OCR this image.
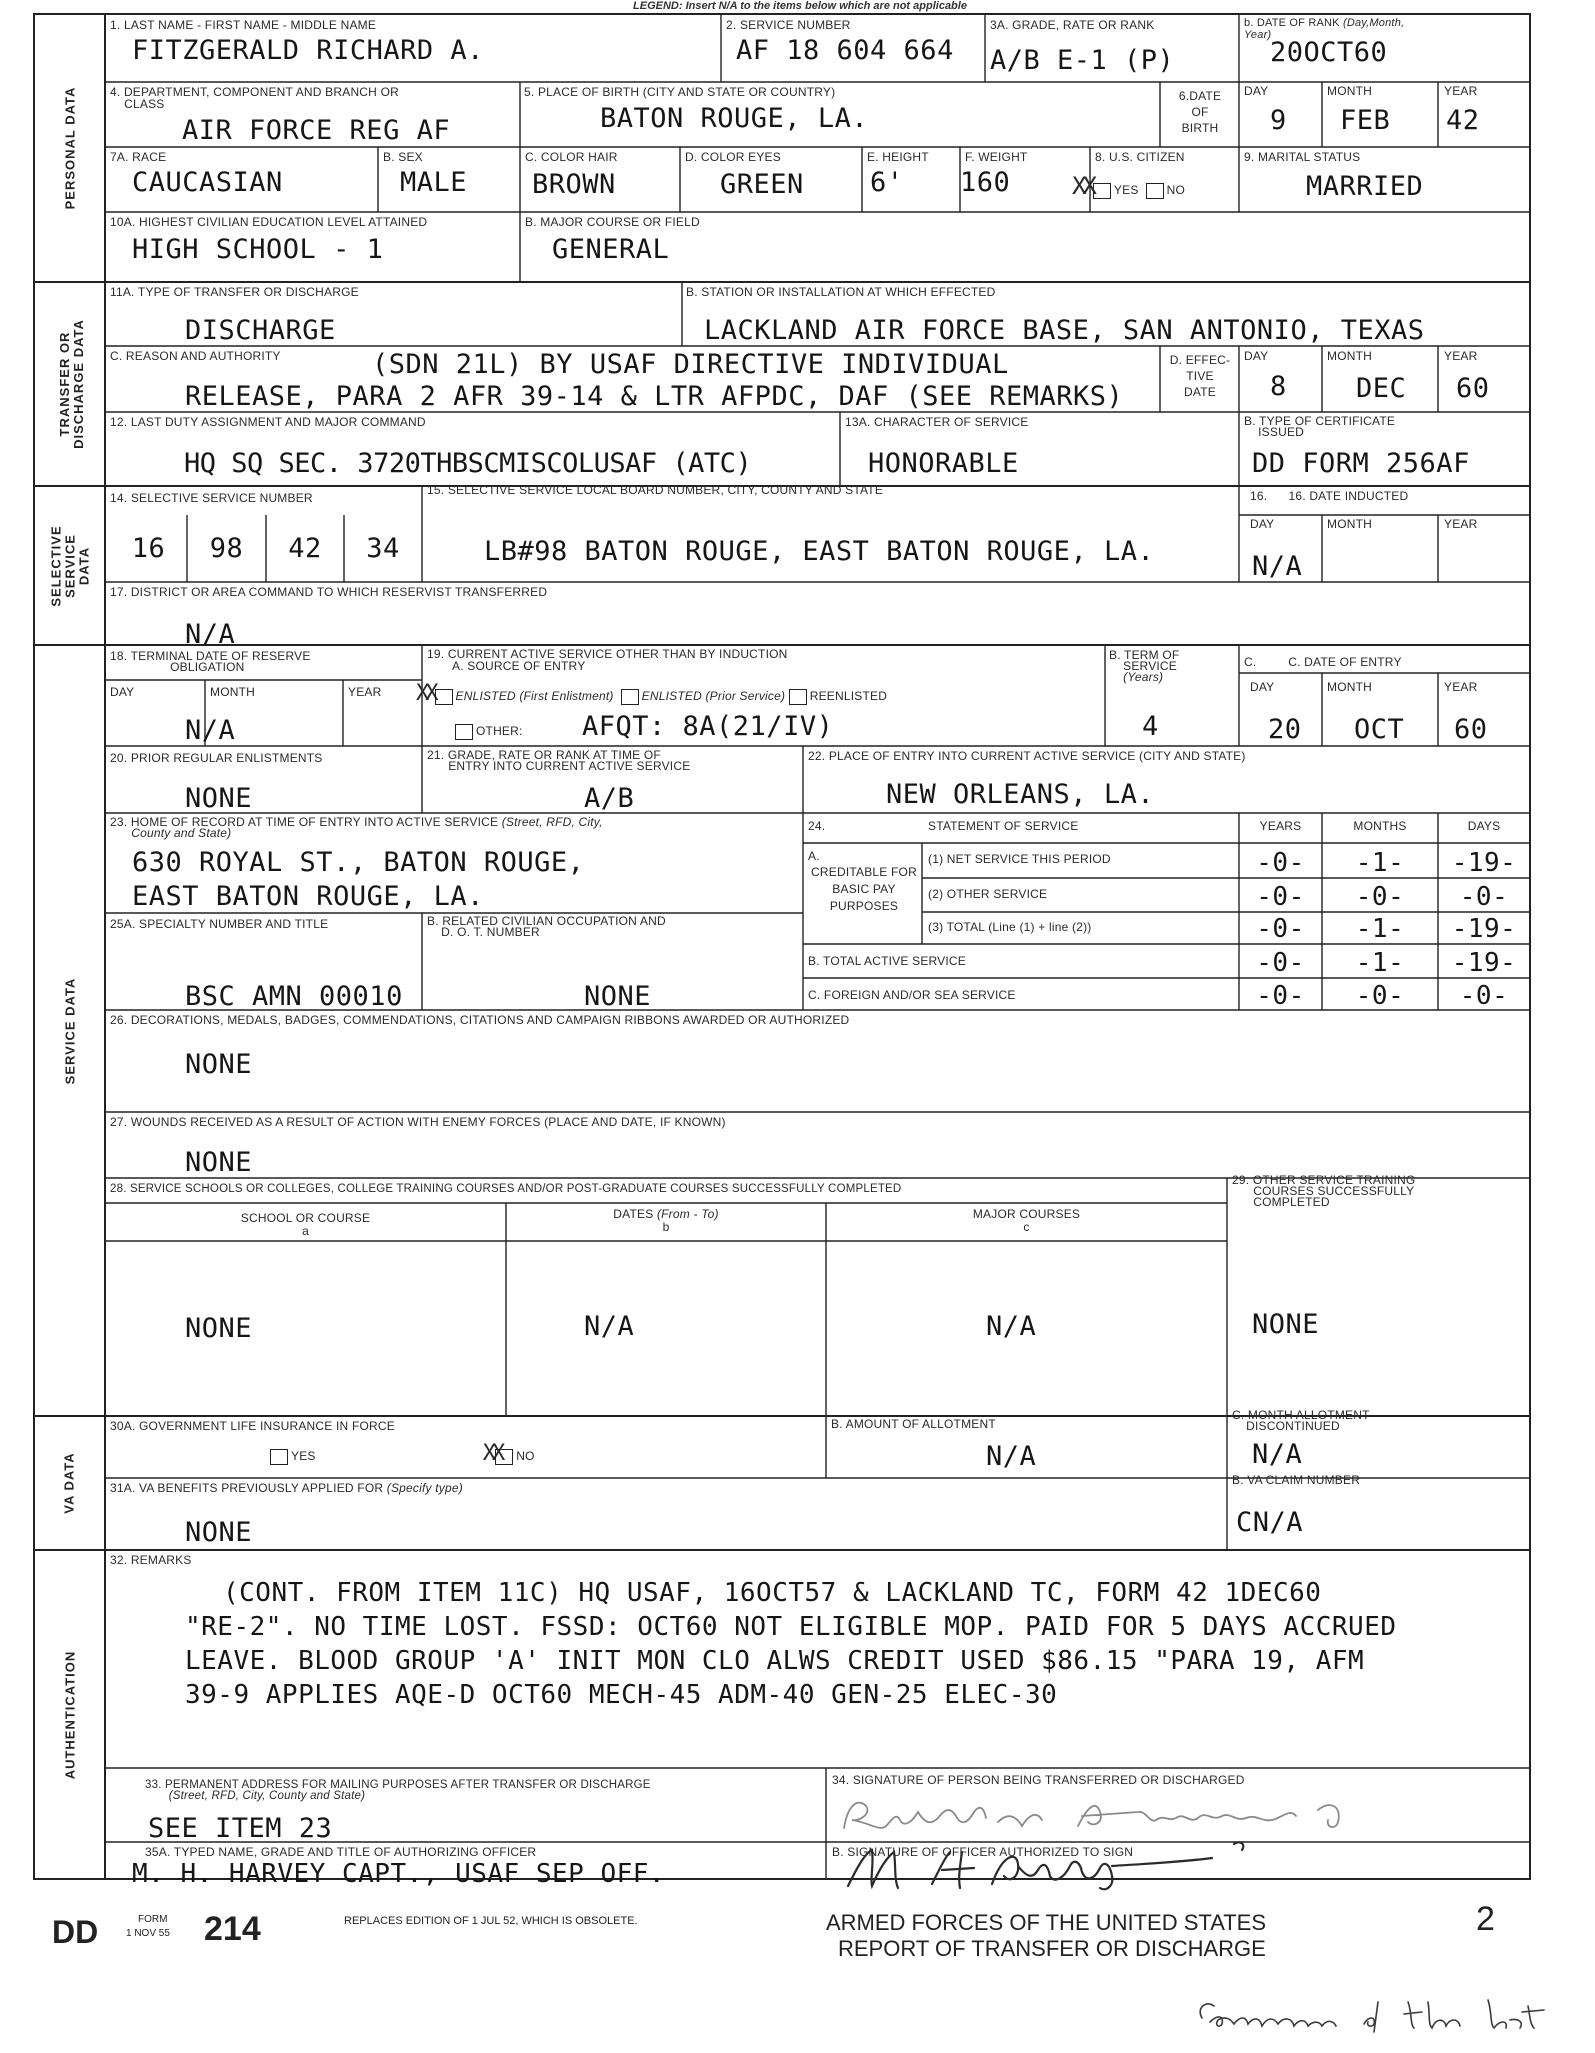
LEGEND: Insert N/A to the items below which are not applicable
PERSONAL DATA
TRANSFER OR
DISCHARGE DATA
SELECTIVE
SERVICE
DATA
SERVICE DATA
VA DATA
AUTHENTICATION
1. LAST NAME - FIRST NAME - MIDDLE NAME
FITZGERALD RICHARD A.
2. SERVICE NUMBER
AF 18 604 664
3A. GRADE, RATE OR RANK
A/B E-1 (P)
b. DATE OF RANK (Day,Month,
Year)
20OCT60
4. DEPARTMENT, COMPONENT AND BRANCH OR
CLASS
AIR FORCE REG AF
5. PLACE OF BIRTH (CITY AND STATE OR COUNTRY)
BATON ROUGE, LA.
6.DATE
OF
BIRTH
DAY	MONTH	YEAR
9 FEB 42
7A. RACE
CAUCASIAN
B. SEX
MALE
C. COLOR HAIR
BROWN
D. COLOR EYES
GREEN
E. HEIGHT
6'
F. WEIGHT
160
8. U.S. CITIZEN
XX YES NO
9. MARITAL STATUS
MARRIED
10A. HIGHEST CIVILIAN EDUCATION LEVEL ATTAINED
HIGH SCHOOL - 1
B. MAJOR COURSE OR FIELD
GENERAL
11A. TYPE OF TRANSFER OR DISCHARGE
DISCHARGE
B. STATION OR INSTALLATION AT WHICH EFFECTED
LACKLAND AIR FORCE BASE, SAN ANTONIO, TEXAS
C. REASON AND AUTHORITY	(SDN 21L) BY USAF DIRECTIVE INDIVIDUAL
RELEASE, PARA 2 AFR 39-14 & LTR AFPDC, DAF (SEE REMARKS)
D. EFFEC-
TIVE
DATE
DAY	MONTH	YEAR
8	DEC 60
12. LAST DUTY ASSIGNMENT AND MAJOR COMMAND
HQ SQ SEC. 3720THBSCMISCOLUSAF (ATC)
13A. CHARACTER OF SERVICE
HONORABLE
B. TYPE OF CERTIFICATE
ISSUED
DD FORM 256AF
14. SELECTIVE SERVICE NUMBER
16	98	42	34
15. SELECTIVE SERVICE LOCAL BOARD NUMBER, CITY, COUNTY AND STATE
LB#98 BATON ROUGE, EAST BATON ROUGE, LA.
16.      16. DATE INDUCTED
DAY	MONTH	YEAR
N/A
17. DISTRICT OR AREA COMMAND TO WHICH RESERVIST TRANSFERRED
N/A
18. TERMINAL DATE OF RESERVE
OBLIGATION
DAY	MONTH	YEAR
N/A
19. CURRENT ACTIVE SERVICE OTHER THAN BY INDUCTION
A. SOURCE OF ENTRY
XX ENLISTED (First Enlistment) ENLISTED (Prior Service) REENLISTED
OTHER: AFQT: 8A(21/IV)
B. TERM OF
SERVICE
(Years)
4
C.         C. DATE OF ENTRY
DAY	MONTH	YEAR
20 OCT 60
20. PRIOR REGULAR ENLISTMENTS
NONE
21. GRADE, RATE OR RANK AT TIME OF
ENTRY INTO CURRENT ACTIVE SERVICE
A/B
22. PLACE OF ENTRY INTO CURRENT ACTIVE SERVICE (CITY AND STATE)
NEW ORLEANS, LA.
23. HOME OF RECORD AT TIME OF ENTRY INTO ACTIVE SERVICE (Street, RFD, City,
County and State)
630 ROYAL ST., BATON ROUGE,
EAST BATON ROUGE, LA.
24.	STATEMENT OF SERVICE	YEARS	MONTHS	DAYS
A.
CREDITABLE FOR BASIC PAY PURPOSES
(1) NET SERVICE THIS PERIOD	-0-	-1-	-19-
(2) OTHER SERVICE	-0-	-0-	-0-
(3) TOTAL (Line (1) + line (2))	-0-	-1-	-19-
B. TOTAL ACTIVE SERVICE	-0-	-1-	-19-
C. FOREIGN AND/OR SEA SERVICE	-0-	-0-	-0-
25A. SPECIALTY NUMBER AND TITLE
BSC AMN 00010
B. RELATED CIVILIAN OCCUPATION AND
D. O. T. NUMBER
NONE
26. DECORATIONS, MEDALS, BADGES, COMMENDATIONS, CITATIONS AND CAMPAIGN RIBBONS AWARDED OR AUTHORIZED
NONE
27. WOUNDS RECEIVED AS A RESULT OF ACTION WITH ENEMY FORCES (PLACE AND DATE, IF KNOWN)
NONE
28. SERVICE SCHOOLS OR COLLEGES, COLLEGE TRAINING COURSES AND/OR POST-GRADUATE COURSES SUCCESSFULLY COMPLETED
SCHOOL OR COURSE
a
DATES (From - To)
b
MAJOR COURSES
c
NONE	N/A	N/A
29. OTHER SERVICE TRAINING
COURSES SUCCESSFULLY
COMPLETED
NONE
30A. GOVERNMENT LIFE INSURANCE IN FORCE
YES	XX NO
B. AMOUNT OF ALLOTMENT
N/A
C. MONTH ALLOTMENT
DISCONTINUED
N/A
31A. VA BENEFITS PREVIOUSLY APPLIED FOR (Specify type)
NONE
B. VA CLAIM NUMBER
CN/A
32. REMARKS
(CONT. FROM ITEM 11C) HQ USAF, 16OCT57 & LACKLAND TC, FORM 42 1DEC60
"RE-2". NO TIME LOST. FSSD: OCT60 NOT ELIGIBLE MOP. PAID FOR 5 DAYS ACCRUED
LEAVE. BLOOD GROUP 'A' INIT MON CLO ALWS CREDIT USED $86.15 "PARA 19, AFM
39-9 APPLIES AQE-D OCT60 MECH-45 ADM-40 GEN-25 ELEC-30
33. PERMANENT ADDRESS FOR MAILING PURPOSES AFTER TRANSFER OR DISCHARGE
(Street, RFD, City, County and State)
SEE ITEM 23
34. SIGNATURE OF PERSON BEING TRANSFERRED OR DISCHARGED
35A. TYPED NAME, GRADE AND TITLE OF AUTHORIZING OFFICER
M. H. HARVEY CAPT., USAF SEP OFF.
B. SIGNATURE OF OFFICER AUTHORIZED TO SIGN
DD	FORM
1 NOV 55 214	REPLACES EDITION OF 1 JUL 52, WHICH IS OBSOLETE.	ARMED FORCES OF THE UNITED STATES
REPORT OF TRANSFER OR DISCHARGE
2
